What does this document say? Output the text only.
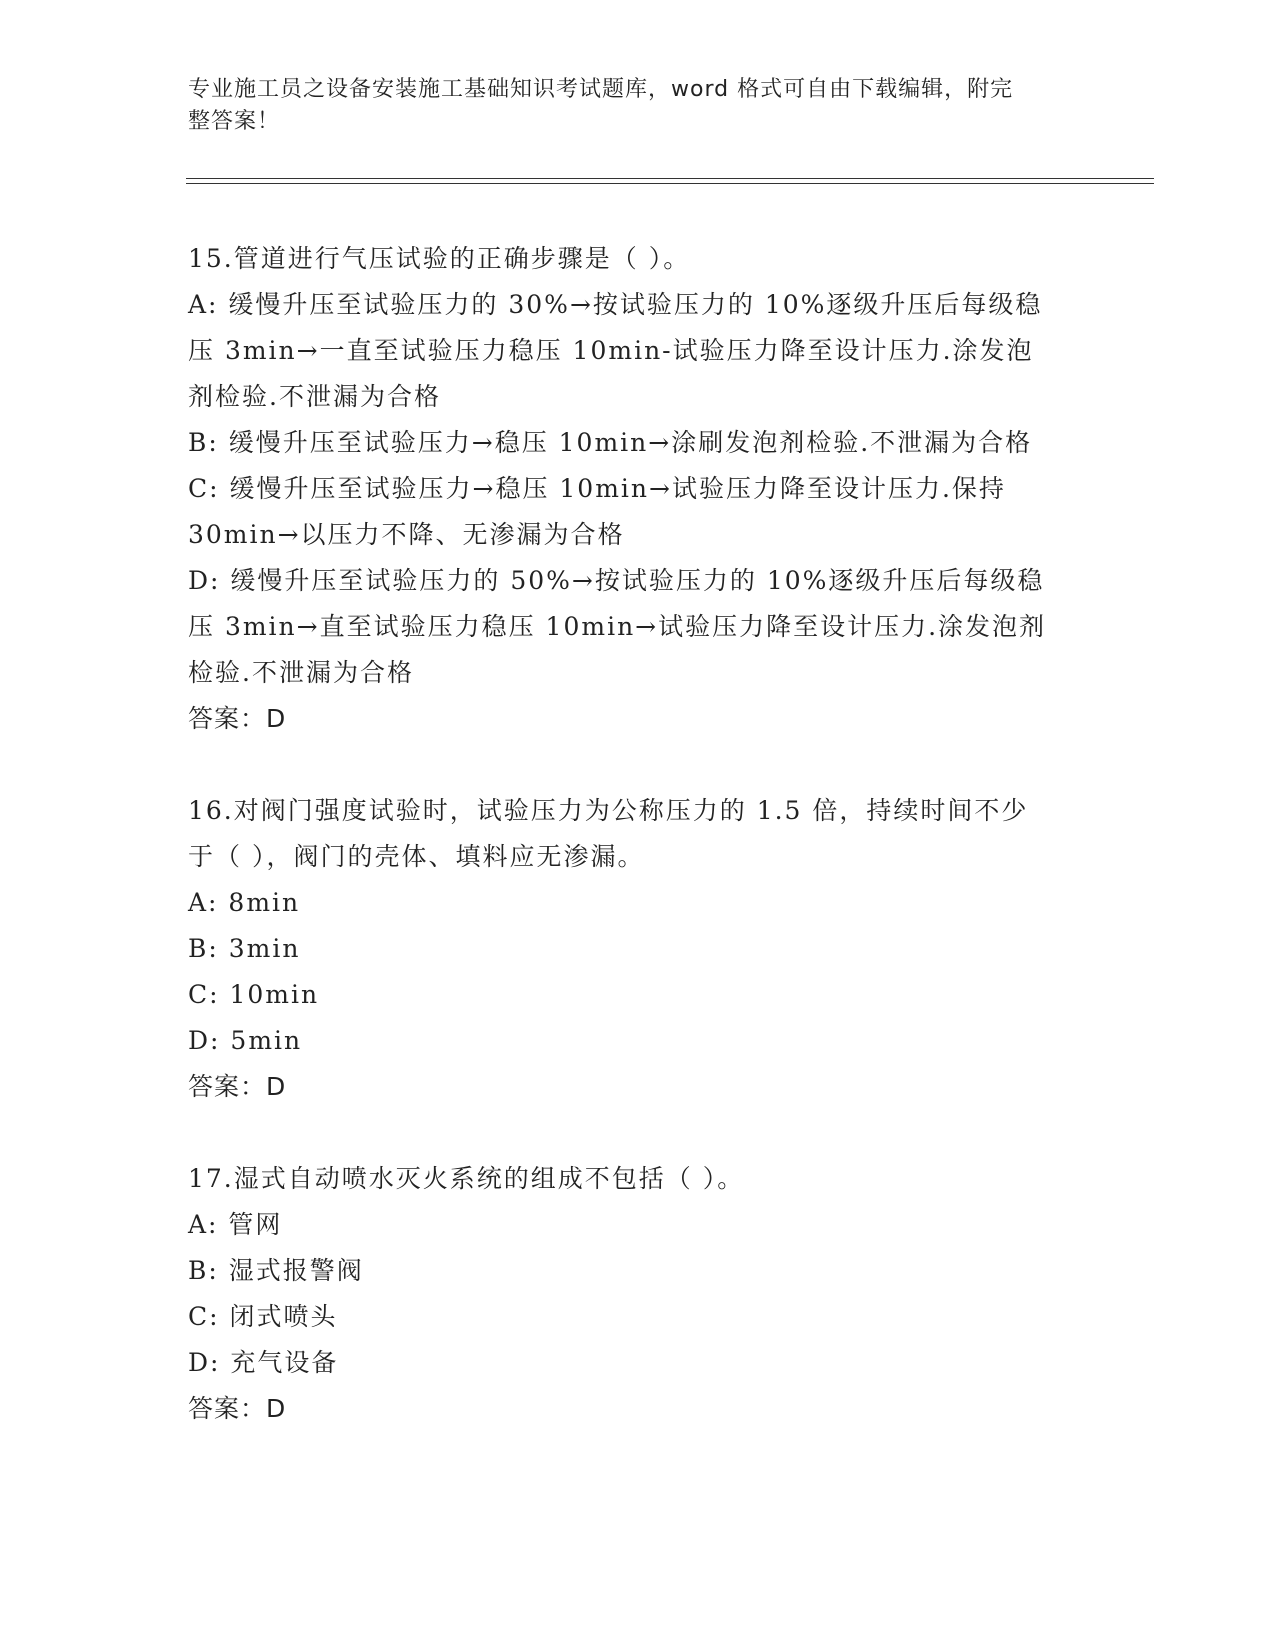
专业施工员之设备安装施工基础知识考试题库，word 格式可自由下载编辑，附完
整答案！
15.管道进行气压试验的正确步骤是（ ）。
A: 缓慢升压至试验压力的 30%→按试验压力的 10%逐级升压后每级稳
压 3min→一直至试验压力稳压 10min-试验压力降至设计压力.涂发泡
剂检验.不泄漏为合格
B: 缓慢升压至试验压力→稳压 10min→涂刷发泡剂检验.不泄漏为合格
C: 缓慢升压至试验压力→稳压 10min→试验压力降至设计压力.保持
30min→以压力不降、无渗漏为合格
D: 缓慢升压至试验压力的 50%→按试验压力的 10%逐级升压后每级稳
压 3min→直至试验压力稳压 10min→试验压力降至设计压力.涂发泡剂
检验.不泄漏为合格
答案：D
16.对阀门强度试验时，试验压力为公称压力的 1.5 倍，持续时间不少
于（ ），阀门的壳体、填料应无渗漏。
A: 8min
B: 3min
C: 10min
D: 5min
答案：D
17.湿式自动喷水灭火系统的组成不包括（ ）。
A: 管网
B: 湿式报警阀
C: 闭式喷头
D: 充气设备
答案：D
